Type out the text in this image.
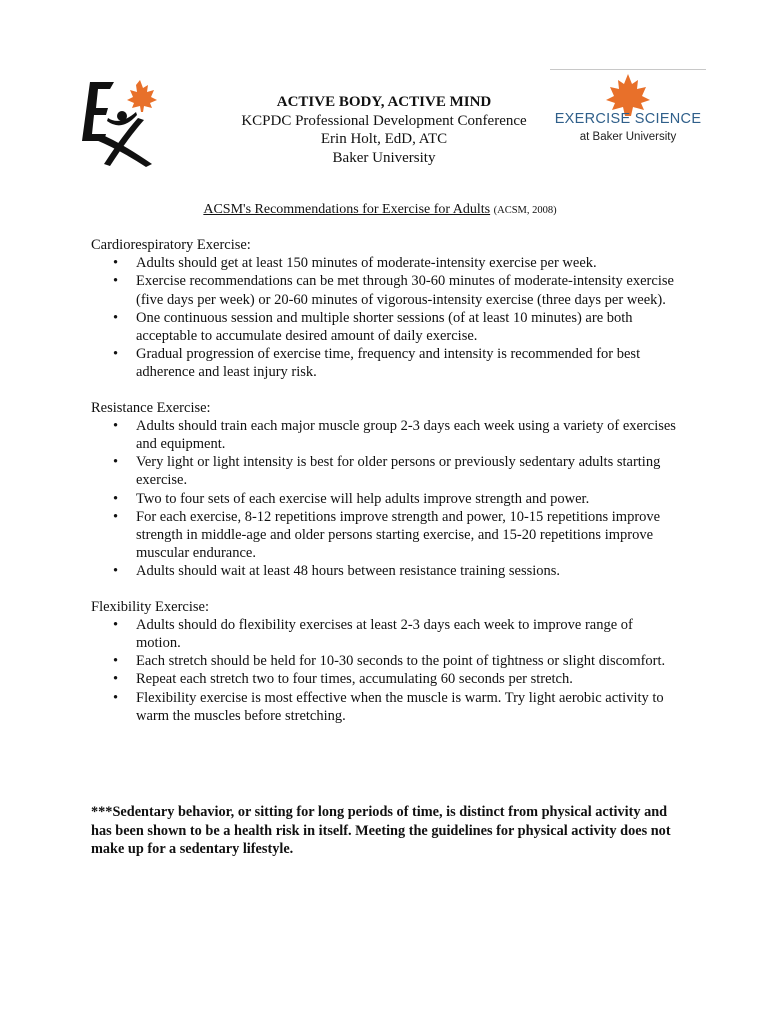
EXERCISE SCIENCE
at Baker University
ACTIVE BODY, ACTIVE MIND
KCPDC Professional Development Conference
Erin Holt, EdD, ATC
Baker University
ACSM's Recommendations for Exercise for Adults (ACSM, 2008)

Cardiorespiratory Exercise:

• Adults should get at least 150 minutes of moderate-intensity exercise per week.
• Exercise recommendations can be met through 30-60 minutes of moderate-intensity exercise (five days per week) or 20-60 minutes of vigorous-intensity exercise (three days per week).
• One continuous session and multiple shorter sessions (of at least 10 minutes) are both acceptable to accumulate desired amount of daily exercise.
• Gradual progression of exercise time, frequency and intensity is recommended for best adherence and least injury risk.

Resistance Exercise:

• Adults should train each major muscle group 2-3 days each week using a variety of exercises and equipment.
• Very light or light intensity is best for older persons or previously sedentary adults starting exercise.
• Two to four sets of each exercise will help adults improve strength and power.
• For each exercise, 8-12 repetitions improve strength and power, 10-15 repetitions improve strength in middle-age and older persons starting exercise, and 15-20 repetitions improve muscular endurance.
• Adults should wait at least 48 hours between resistance training sessions.

Flexibility Exercise:

• Adults should do flexibility exercises at least 2-3 days each week to improve range of motion.
• Each stretch should be held for 10-30 seconds to the point of tightness or slight discomfort.
• Repeat each stretch two to four times, accumulating 60 seconds per stretch.
• Flexibility exercise is most effective when the muscle is warm. Try light aerobic activity to warm the muscles before stretching.
***Sedentary behavior, or sitting for long periods of time, is distinct from physical activity and has been shown to be a health risk in itself. Meeting the guidelines for physical activity does not make up for a sedentary lifestyle.
